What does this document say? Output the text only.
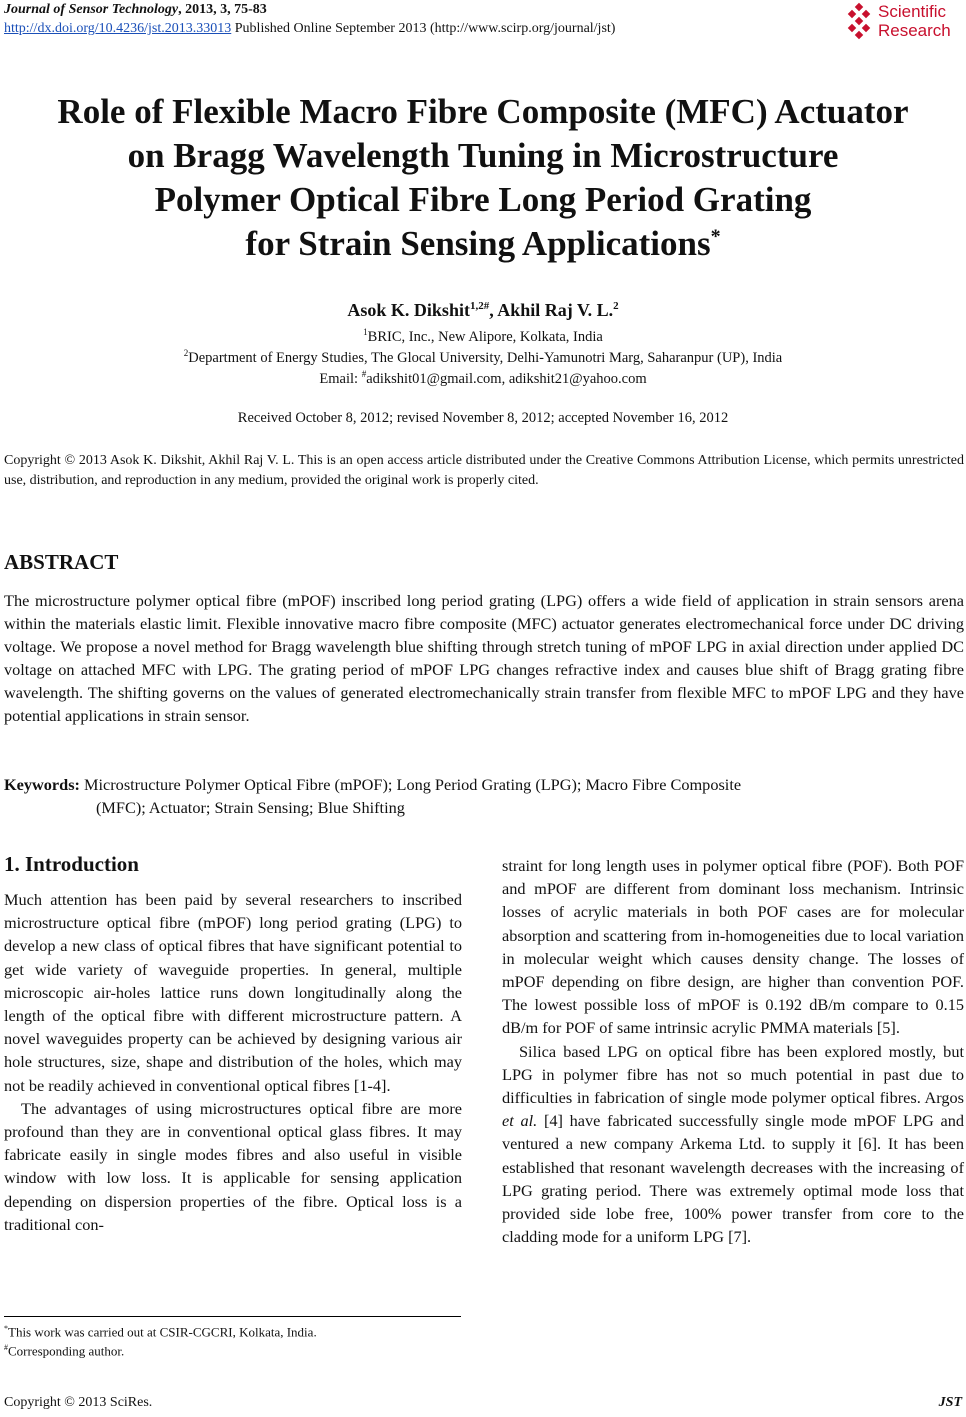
Journal of Sensor Technology, 2013, 3, 75-83
http://dx.doi.org/10.4236/jst.2013.33013 Published Online September 2013 (http://www.scirp.org/journal/jst)
Scientific
Research
Role of Flexible Macro Fibre Composite (MFC) Actuator
on Bragg Wavelength Tuning in Microstructure
Polymer Optical Fibre Long Period Grating
for Strain Sensing Applications*
Asok K. Dikshit$^{1,2\#}$, Akhil Raj V. L.$^2$
$^1$BRIC, Inc., New Alipore, Kolkata, India
$^2$Department of Energy Studies, The Glocal University, Delhi-Yamunotri Marg, Saharanpur (UP), India
Email: #adikshit01@gmail.com, adikshit21@yahoo.com
Received October 8, 2012; revised November 8, 2012; accepted November 16, 2012
Copyright © 2013 Asok K. Dikshit, Akhil Raj V. L. This is an open access article distributed under the Creative Commons Attribution License, which permits unrestricted use, distribution, and reproduction in any medium, provided the original work is properly cited.
ABSTRACT
The microstructure polymer optical fibre (mPOF) inscribed long period grating (LPG) offers a wide field of application in strain sensors arena within the materials elastic limit. Flexible innovative macro fibre composite (MFC) actuator generates electromechanical force under DC driving voltage. We propose a novel method for Bragg wavelength blue shifting through stretch tuning of mPOF LPG in axial direction under applied DC voltage on attached MFC with LPG. The grating period of mPOF LPG changes refractive index and causes blue shift of Bragg grating fibre wavelength. The shifting governs on the values of generated electromechanically strain transfer from flexible MFC to mPOF LPG and they have potential applications in strain sensor.
Keywords: Microstructure Polymer Optical Fibre (mPOF); Long Period Grating (LPG); Macro Fibre Composite
(MFC); Actuator; Strain Sensing; Blue Shifting
1. Introduction

Much attention has been paid by several researchers to inscribed microstructure optical fibre (mPOF) long period grating (LPG) to develop a new class of optical fibres that have significant potential to get wide variety of waveguide properties. In general, multiple microscopic air-holes lattice runs down longitudinally along the length of the optical fibre with different microstructure pattern. A novel waveguides property can be achieved by designing various air hole structures, size, shape and distribution of the holes, which may not be readily achieved in conventional optical fibres [1-4].

The advantages of using microstructures optical fibre are more profound than they are in conventional optical glass fibres. It may fabricate easily in single modes fibres and also useful in visible window with low loss. It is applicable for sensing application depending on dispersion properties of the fibre. Optical loss is a traditional con-

straint for long length uses in polymer optical fibre (POF). Both POF and mPOF are different from dominant loss mechanism. Intrinsic losses of acrylic materials in both POF cases are for molecular absorption and scattering from in-homogeneities due to local variation in molecular weight which causes density change. The losses of mPOF depending on fibre design, are higher than convention POF. The lowest possible loss of mPOF is 0.192 dB/m compare to 0.15 dB/m for POF of same intrinsic acrylic PMMA materials [5].

Silica based LPG on optical fibre has been explored mostly, but LPG in polymer fibre has not so much potential in past due to difficulties in fabrication of single mode polymer optical fibres. Argos et al. [4] have fabricated successfully single mode mPOF LPG and ventured a new company Arkema Ltd. to supply it [6]. It has been established that resonant wavelength decreases with the increasing of LPG grating period. There was extremely optimal mode loss that provided side lobe free, 100% power transfer from core to the cladding mode for a uniform LPG [7].

*This work was carried out at CSIR-CGCRI, Kolkata, India.
#Corresponding author.
Copyright © 2013 SciRes.	JST
